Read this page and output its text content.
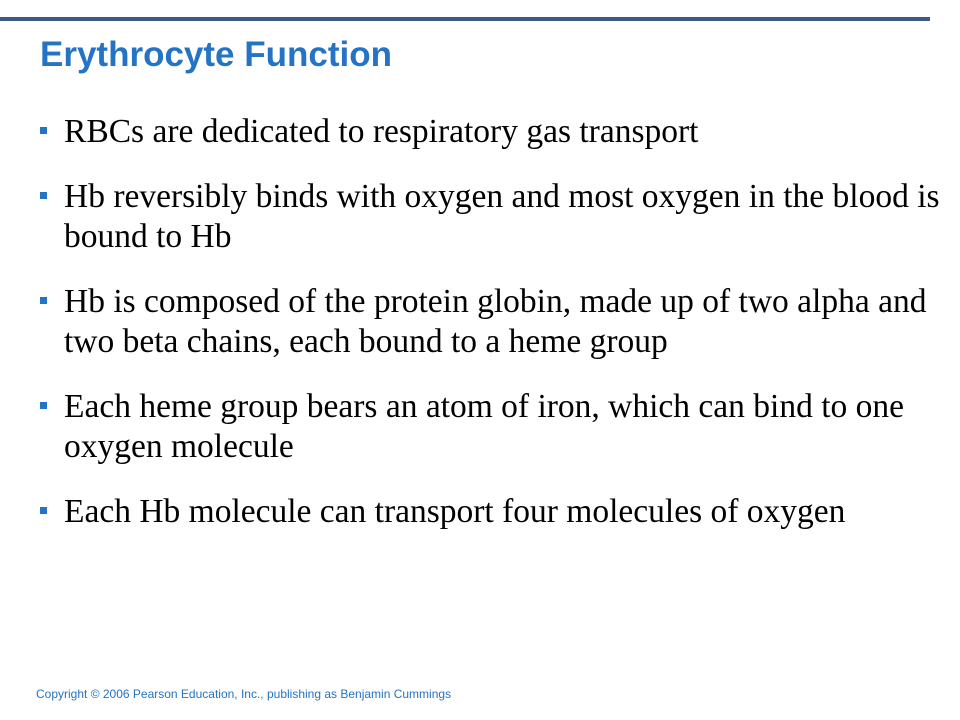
Erythrocyte Function
RBCs are dedicated to respiratory gas transport
Hb reversibly binds with oxygen and most oxygen in the blood is bound to Hb
Hb is composed of the protein globin, made up of two alpha and two beta chains, each bound to a heme group
Each heme group bears an atom of iron, which can bind to one oxygen molecule
Each Hb molecule can transport four molecules of oxygen
Copyright © 2006 Pearson Education, Inc., publishing as Benjamin Cummings
